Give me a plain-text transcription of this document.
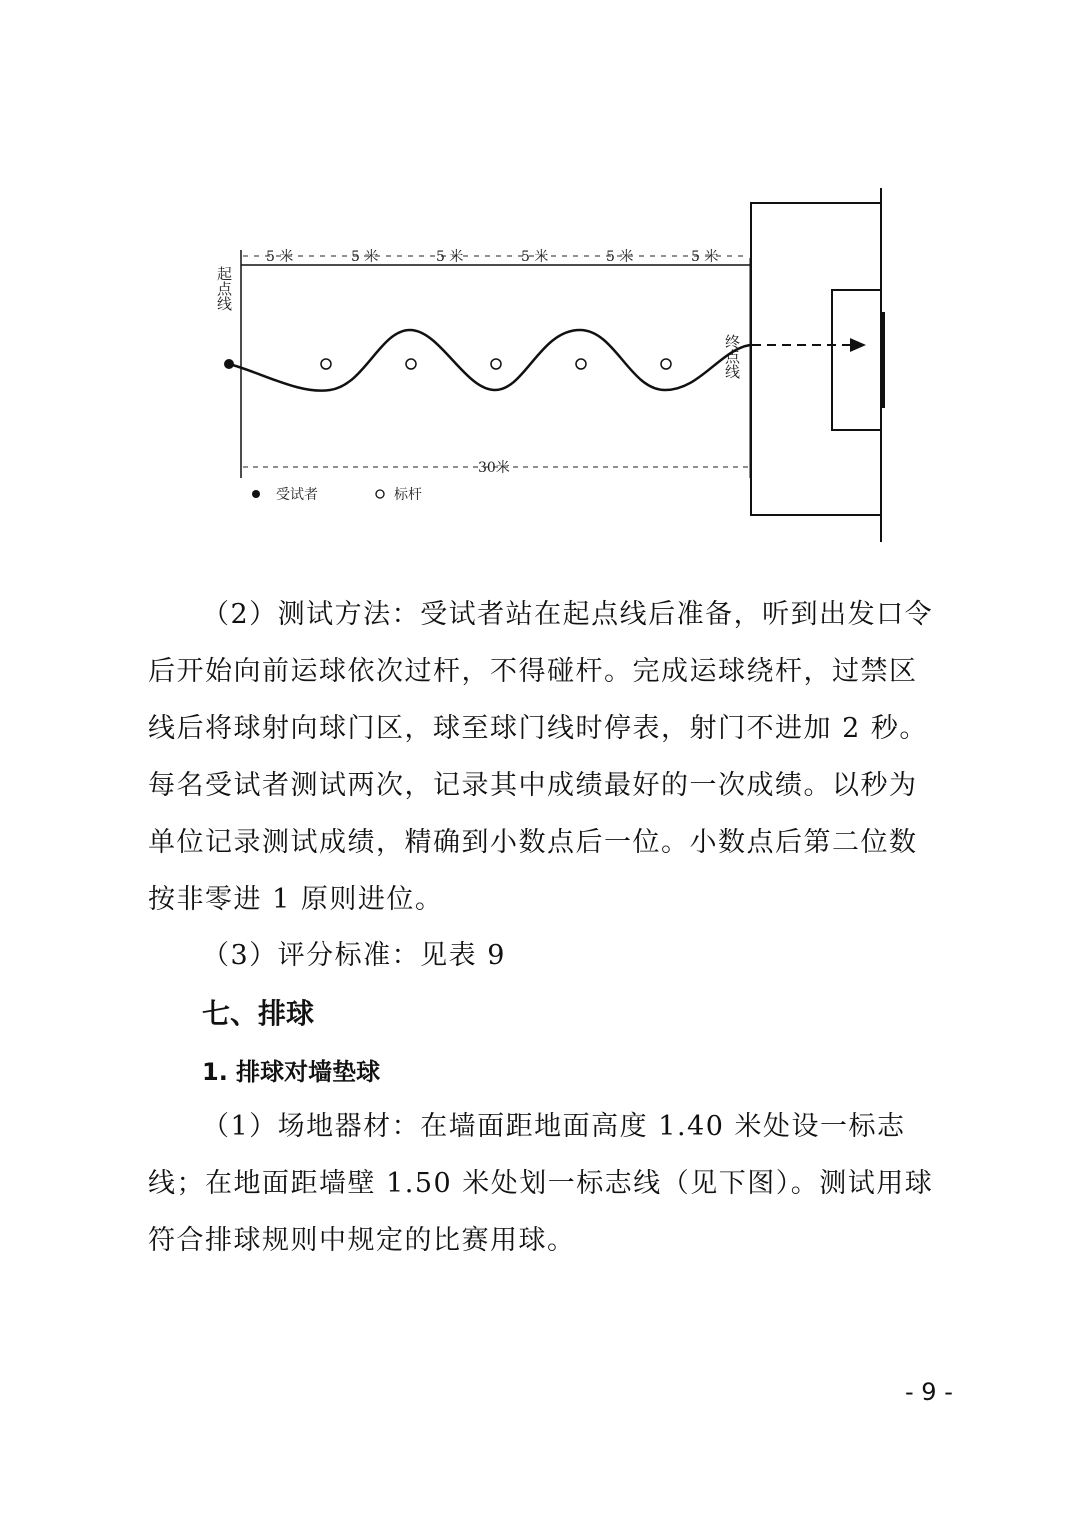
5 米	5 米	5 米	5 米	5 米	5 米
起点线
终点线
30米
受试者	标杆

（2）测试方法：受试者站在起点线后准备，听到出发口令后开始向前运球依次过杆，不得碰杆。完成运球绕杆，过禁区线后将球射向球门区，球至球门线时停表，射门不进加 2 秒。每名受试者测试两次，记录其中成绩最好的一次成绩。以秒为单位记录测试成绩，精确到小数点后一位。小数点后第二位数按非零进 1 原则进位。

（3）评分标准：见表 9

七、排球
1. 排球对墙垫球

（1）场地器材：在墙面距地面高度 1.40 米处设一标志线；在地面距墙壁 1.50 米处划一标志线（见下图）。测试用球符合排球规则中规定的比赛用球。

- 9 -
